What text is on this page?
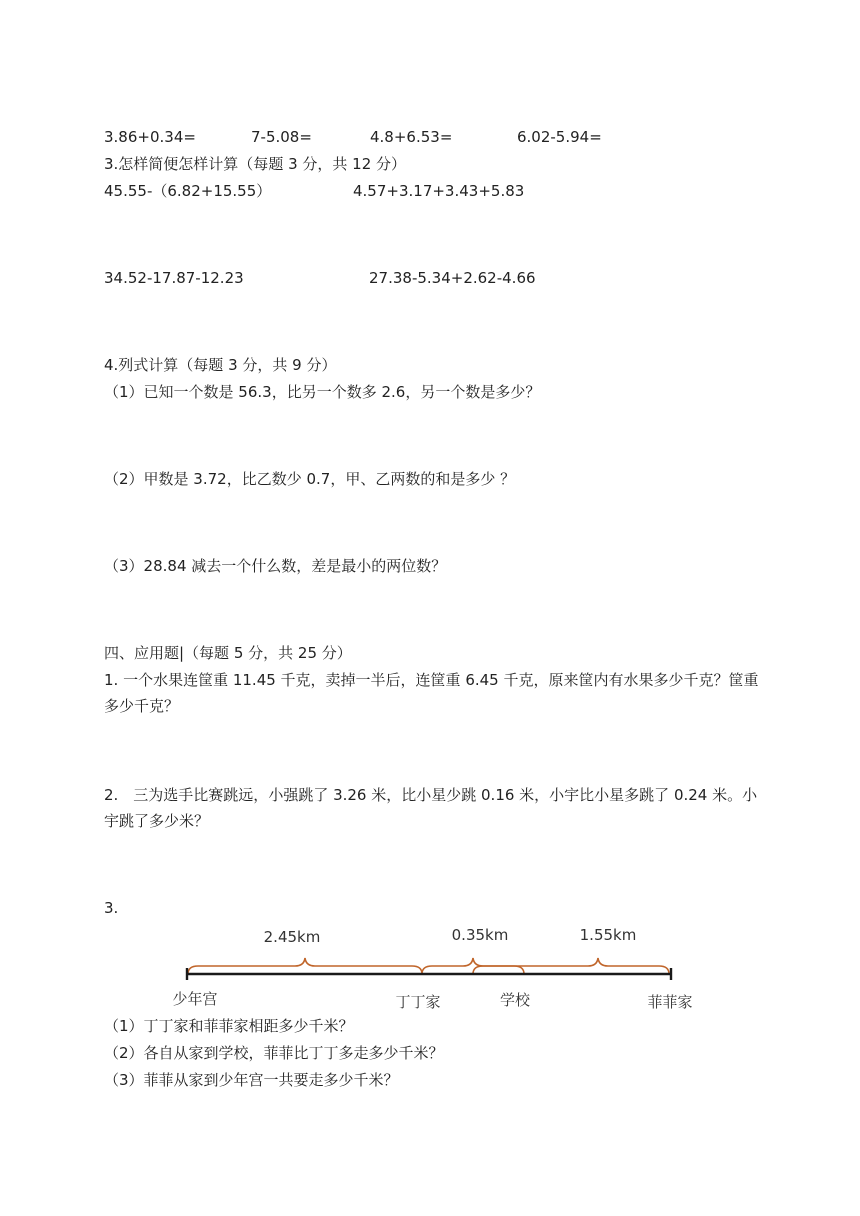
3.86+0.34=	7-5.08=	4.8+6.53=	6.02-5.94=
3.怎样简便怎样计算（每题 3 分，共 12 分）
45.55-（6.82+15.55）	4.57+3.17+3.43+5.83
34.52-17.87-12.23	27.38-5.34+2.62-4.66
4.列式计算（每题 3 分，共 9 分）
（1）已知一个数是 56.3，比另一个数多 2.6，另一个数是多少？
（2）甲数是 3.72，比乙数少 0.7，甲、乙两数的和是多少 ？
（3）28.84 减去一个什么数，差是最小的两位数？
四、应用题|（每题 5 分，共 25 分）
1. 一个水果连筐重 11.45 千克，卖掉一半后，连筐重 6.45 千克，原来筐内有水果多少千克？筐重多少千克？
2.　三为选手比赛跳远，小强跳了 3.26 米，比小星少跳 0.16 米，小宇比小星多跳了 0.24 米。小宇跳了多少米？
3.
2.45km	0.35km	1.55km
少年宫	丁丁家	学校	菲菲家
（1）丁丁家和菲菲家相距多少千米？
（2）各自从家到学校，菲菲比丁丁多走多少千米？
（3）菲菲从家到少年宫一共要走多少千米？
